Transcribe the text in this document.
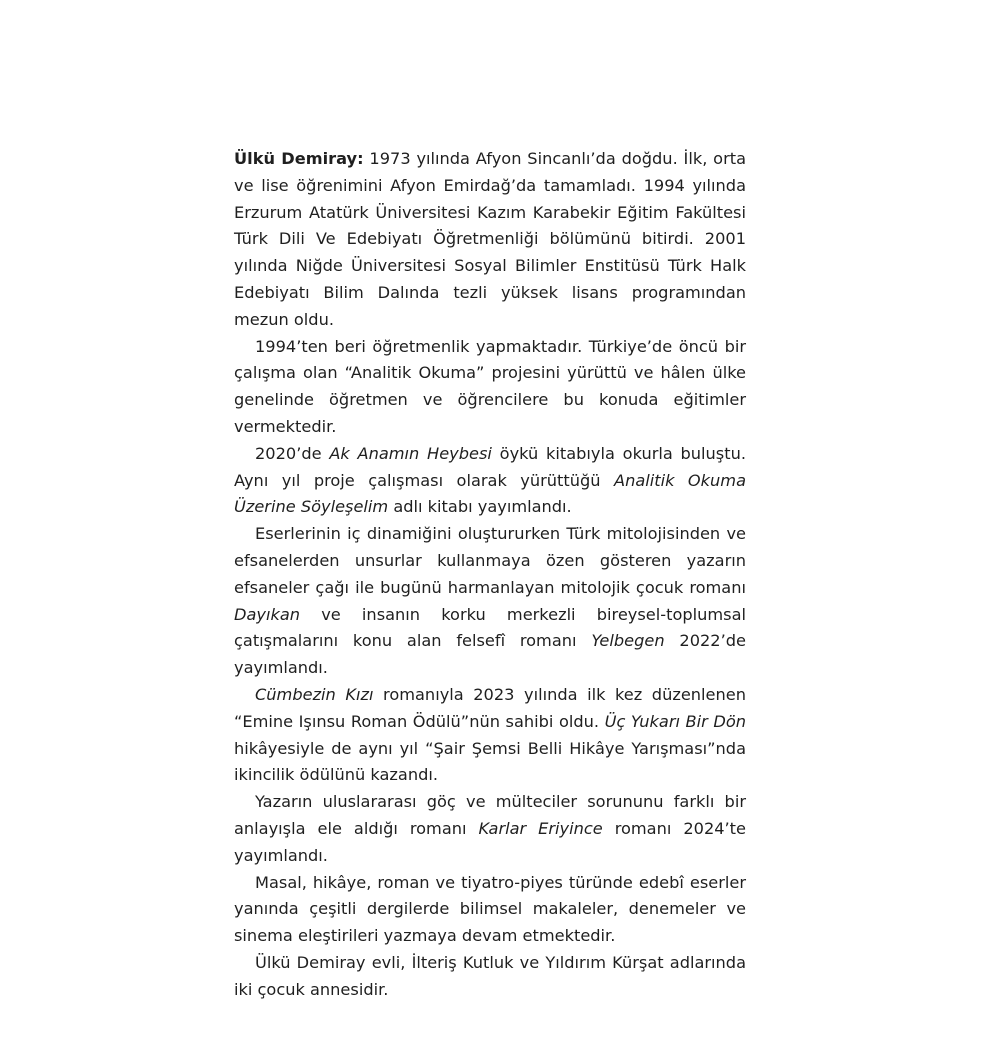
Ülkü Demiray: 1973 yılında Afyon Sincanlı’da doğdu. İlk, orta ve lise öğrenimini Afyon Emirdağ’da tamamladı. 1994 yılında Erzurum Atatürk Üniversitesi Kazım Karabekir Eğitim Fakültesi Türk Dili Ve Edebiyatı Öğretmenliği bölümünü bitirdi. 2001 yılında Niğde Üniversitesi Sosyal Bilimler Enstitüsü Türk Halk Edebiyatı Bilim Dalında tezli yüksek lisans programından mezun oldu.

1994’ten beri öğretmenlik yapmaktadır. Türkiye’de öncü bir çalışma olan “Analitik Okuma” projesini yürüttü ve hâlen ülke genelinde öğretmen ve öğrencilere bu konuda eğitimler vermektedir.

2020’de Ak Anamın Heybesi öykü kitabıyla okurla buluştu. Aynı yıl proje çalışması olarak yürüttüğü Analitik Okuma Üzerine Söyleşelim adlı kitabı yayımlandı.

Eserlerinin iç dinamiğini oluştururken Türk mitolojisinden ve efsanelerden unsurlar kullanmaya özen gösteren yazarın efsaneler çağı ile bugünü harmanlayan mitolojik çocuk romanı Dayıkan ve insanın korku merkezli bireysel-toplumsal çatışmalarını konu alan felsefî romanı Yelbegen 2022’de yayımlandı.

Cümbezin Kızı romanıyla 2023 yılında ilk kez düzenlenen “Emine Işınsu Roman Ödülü”nün sahibi oldu. Üç Yukarı Bir Dön hikâyesiyle de aynı yıl “Şair Şemsi Belli Hikâye Yarışması”nda ikincilik ödülünü kazandı.

Yazarın uluslararası göç ve mülteciler sorununu farklı bir anlayışla ele aldığı romanı Karlar Eriyince romanı 2024’te yayımlandı.

Masal, hikâye, roman ve tiyatro-piyes türünde edebî eserler yanında çeşitli dergilerde bilimsel makaleler, denemeler ve sinema eleştirileri yazmaya devam etmektedir.

Ülkü Demiray evli, İlteriş Kutluk ve Yıldırım Kürşat adlarında iki çocuk annesidir.
